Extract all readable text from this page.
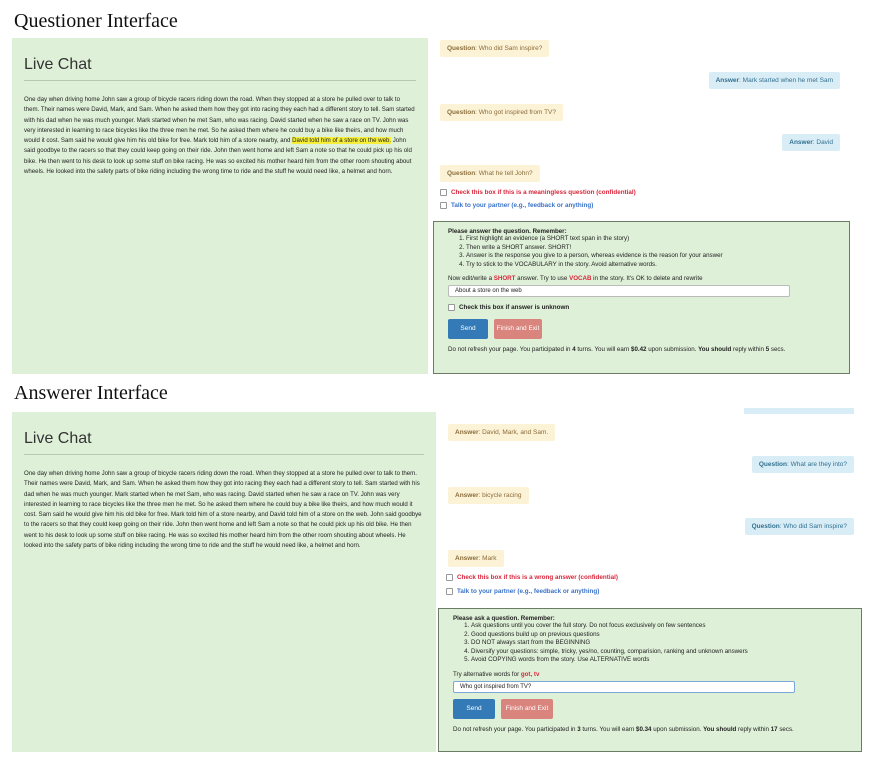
Questioner Interface
Live Chat
One day when driving home John saw a group of bicycle racers riding down the road. When they stopped at a store he pulled over to talk to them. Their names were David, Mark, and Sam. When he asked them how they got into racing they each had a different story to tell. Sam started with his dad when he was much younger. Mark started when he met Sam, who was racing. David started when he saw a race on TV. John was very interested in learning to race bicycles like the three men he met. So he asked them where he could buy a bike like theirs, and how much would it cost. Sam said he would give him his old bike for free. Mark told him of a store nearby, and David told him of a store on the web. John said goodbye to the racers so that they could keep going on their ride. John then went home and left Sam a note so that he could pick up his old bike. He then went to his desk to look up some stuff on bike racing. He was so excited his mother heard him from the other room shouting about wheels. He looked into the safety parts of bike riding including the wrong time to ride and the stuff he would need like, a helmet and horn.
Question: Who did Sam inspire?
Answer: Mark started when he met Sam
Question: Who got inspired from TV?
Answer: David
Question: What he tell John?
Check this box if this is a meaningless question (confidential)
Talk to your partner (e.g., feedback or anything)
Please answer the question. Remember:
1. First highlight an evidence (a SHORT text span in the story)
2. Then write a SHORT answer. SHORT!
3. Answer is the response you give to a person, whereas evidence is the reason for your answer
4. Try to stick to the VOCABULARY in the story. Avoid alternative words.
Now edit/write a SHORT answer. Try to use VOCAB in the story. It's OK to delete and rewrite
About a store on the web
Check this box if answer is unknown
Send	Finish and Exit
Do not refresh your page. You participated in 4 turns. You will earn $0.42 upon submission. You should reply within 5 secs.
Answerer Interface
Live Chat
One day when driving home John saw a group of bicycle racers riding down the road. When they stopped at a store he pulled over to talk to them. Their names were David, Mark, and Sam. When he asked them how they got into racing they each had a different story to tell. Sam started with his dad when he was much younger. Mark started when he met Sam, who was racing. David started when he saw a race on TV. John was very interested in learning to race bicycles like the three men he met. So he asked them where he could buy a bike like theirs, and how much would it cost. Sam said he would give him his old bike for free. Mark told him of a store nearby, and David told him of a store on the web. John said goodbye to the racers so that they could keep going on their ride. John then went home and left Sam a note so that he could pick up his old bike. He then went to his desk to look up some stuff on bike racing. He was so excited his mother heard him from the other room shouting about wheels. He looked into the safety parts of bike riding including the wrong time to ride and the stuff he would need like, a helmet and horn.
Answer: David, Mark, and Sam.
Question: What are they into?
Answer: bicycle racing
Question: Who did Sam inspire?
Answer: Mark
Check this box if this is a wrong answer (confidential)
Talk to your partner (e.g., feedback or anything)
Please ask a question. Remember:
1. Ask questions until you cover the full story. Do not focus exclusively on few sentences
2. Good questions build up on previous questions
3. DO NOT always start from the BEGINNING
4. Diversify your questions: simple, tricky, yes/no, counting, comparision, ranking and unknown answers
5. Avoid COPYING words from the story. Use ALTERNATIVE words
Try alternative words for got, tv
Who got inspired from TV?
Send	Finish and Exit
Do not refresh your page. You participated in 3 turns. You will earn $0.34 upon submission. You should reply within 17 secs.
